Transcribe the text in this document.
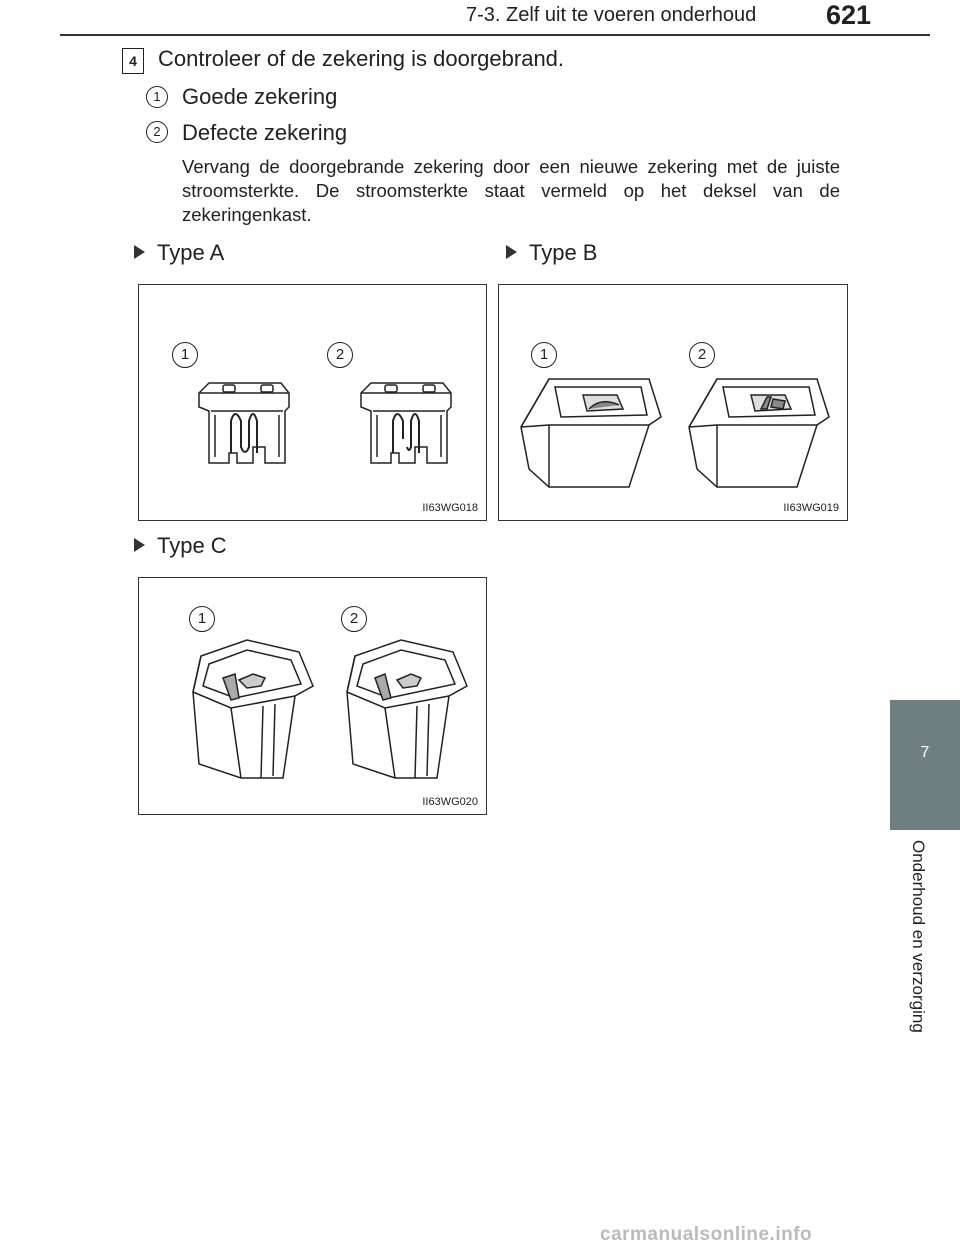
7-3. Zelf uit te voeren onderhoud	621
7
Onderhoud en verzorging
4 Controleer of de zekering is doorgebrand.
1 Goede zekering
2 Defecte zekering
Vervang de doorgebrande zekering door een nieuwe zekering met de juiste stroomsterkte. De stroomsterkte staat vermeld op het deksel van de zekeringenkast.
Type A	Type B
Type C
1	2
II63WG018
1	2
II63WG019
1	2
II63WG020
carmanualsonline.info
